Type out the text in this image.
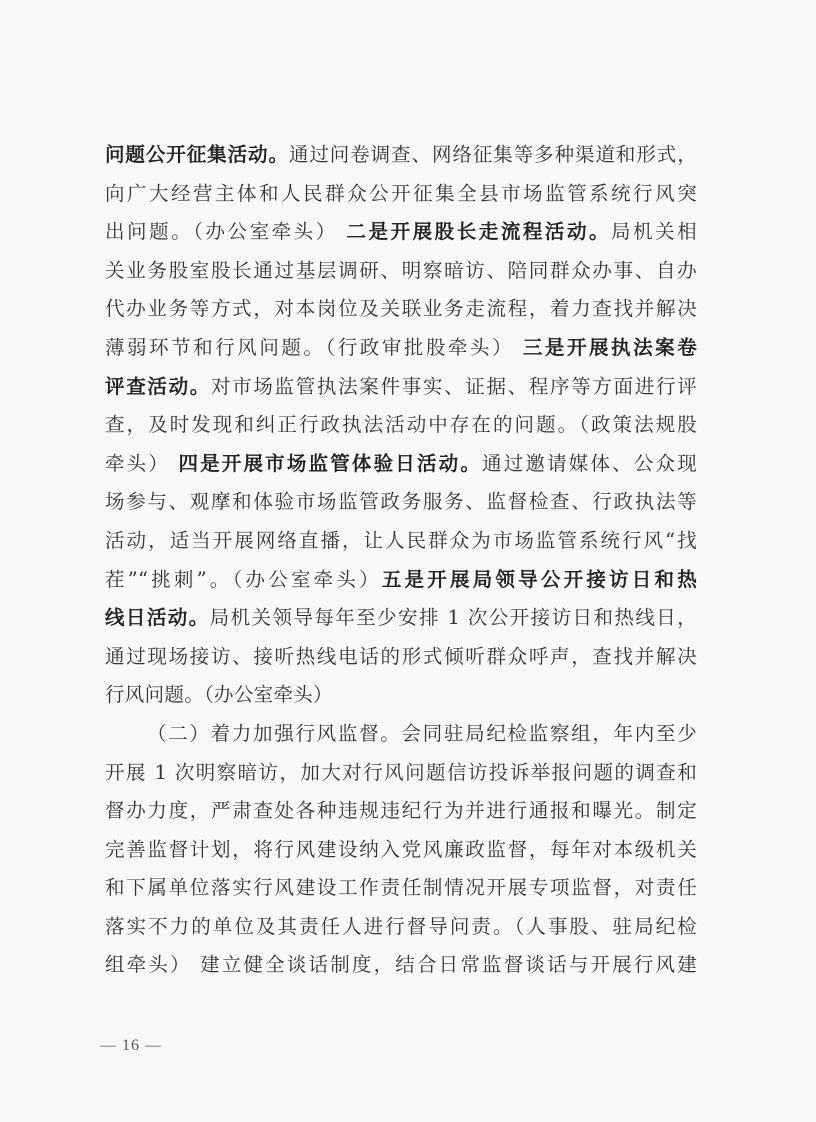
问题公开征集活动。通过问卷调查、网络征集等多种渠道和形式，
向广大经营主体和人民群众公开征集全县市场监管系统行风突
出问题。（办公室牵头） 二是开展股长走流程活动。局机关相
关业务股室股长通过基层调研、明察暗访、陪同群众办事、自办
代办业务等方式，对本岗位及关联业务走流程，着力查找并解决
薄弱环节和行风问题。（行政审批股牵头） 三是开展执法案卷
评查活动。对市场监管执法案件事实、证据、程序等方面进行评
查，及时发现和纠正行政执法活动中存在的问题。（政策法规股
牵头） 四是开展市场监管体验日活动。通过邀请媒体、公众现
场参与、观摩和体验市场监管政务服务、监督检查、行政执法等
活动，适当开展网络直播，让人民群众为市场监管系统行风“找
茬”“挑刺”。（办公室牵头）五是开展局领导公开接访日和热
线日活动。局机关领导每年至少安排 1 次公开接访日和热线日，
通过现场接访、接听热线电话的形式倾听群众呼声，查找并解决
行风问题。（办公室牵头）
（二）着力加强行风监督。会同驻局纪检监察组，年内至少
开展 1 次明察暗访，加大对行风问题信访投诉举报问题的调查和
督办力度，严肃查处各种违规违纪行为并进行通报和曝光。制定
完善监督计划，将行风建设纳入党风廉政监督，每年对本级机关
和下属单位落实行风建设工作责任制情况开展专项监督，对责任
落实不力的单位及其责任人进行督导问责。（人事股、驻局纪检
组牵头） 建立健全谈话制度，结合日常监督谈话与开展行风建
— 16 —
